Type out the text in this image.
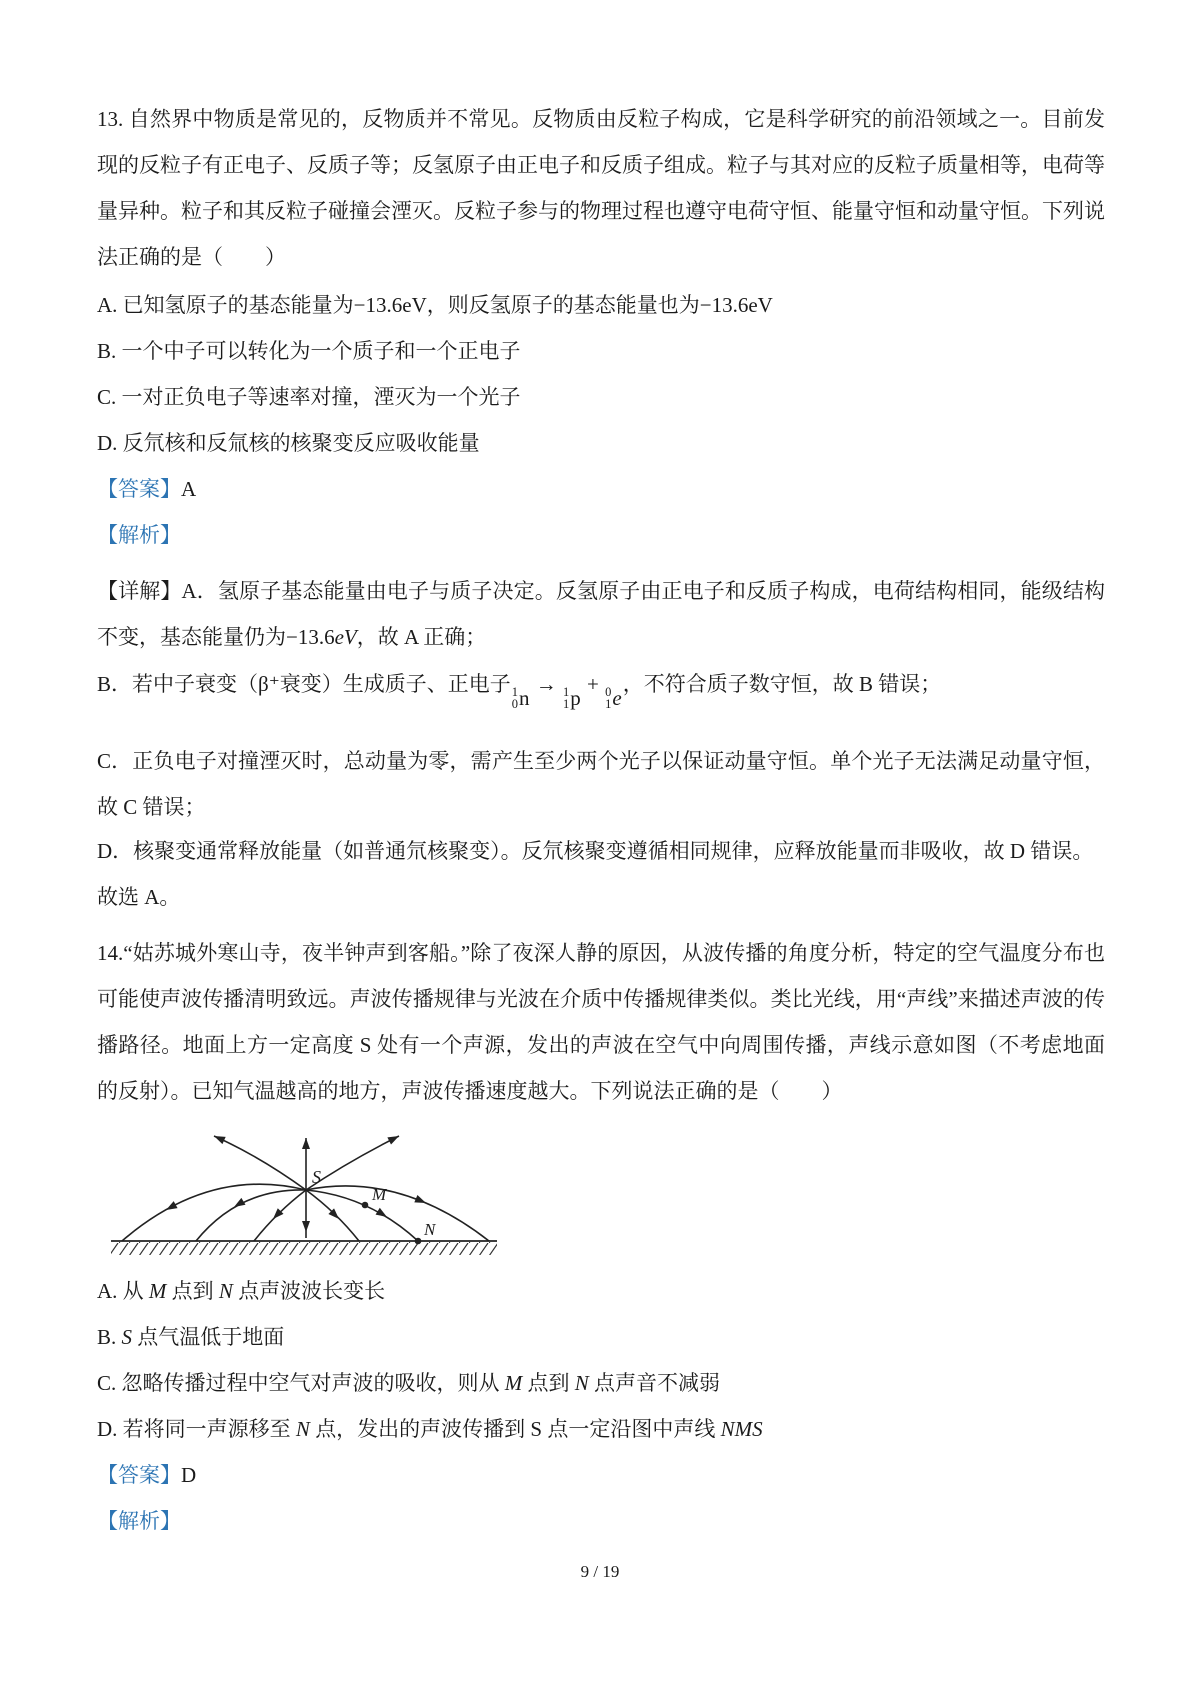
13. 自然界中物质是常见的，反物质并不常见。反物质由反粒子构成，它是科学研究的前沿领域之一。目前发现的反粒子有正电子、反质子等；反氢原子由正电子和反质子组成。粒子与其对应的反粒子质量相等，电荷等量异种。粒子和其反粒子碰撞会湮灭。反粒子参与的物理过程也遵守电荷守恒、能量守恒和动量守恒。下列说法正确的是（　　）

A. 已知氢原子的基态能量为−13.6eV，则反氢原子的基态能量也为−13.6eV

B. 一个中子可以转化为一个质子和一个正电子

C. 一对正负电子等速率对撞，湮灭为一个光子

D. 反氘核和反氚核的核聚变反应吸收能量

【答案】A

【解析】

【详解】A．氢原子基态能量由电子与质子决定。反氢原子由正电子和反质子构成，电荷结构相同，能级结构不变，基态能量仍为−13.6eV，故 A 正确；

B．若中子衰变（β⁺衰变）生成质子、正电子 1
0 n
→ 1
1 p
+ 0
1 e
，不符合质子数守恒，故 B 错误；

C．正负电子对撞湮灭时，总动量为零，需产生至少两个光子以保证动量守恒。单个光子无法满足动量守恒，故 C 错误；

D．核聚变通常释放能量（如普通氘核聚变）。反氘核聚变遵循相同规律，应释放能量而非吸收，故 D 错误。

故选 A。

14.“姑苏城外寒山寺，夜半钟声到客船。”除了夜深人静的原因，从波传播的角度分析，特定的空气温度分布也可能使声波传播清明致远。声波传播规律与光波在介质中传播规律类似。类比光线，用“声线”来描述声波的传播路径。地面上方一定高度 S 处有一个声源，发出的声波在空气中向周围传播，声线示意如图（不考虑地面的反射）。已知气温越高的地方，声波传播速度越大。下列说法正确的是（　　）

S
M
N

A. 从 M 点到 N 点声波波长变长

B. S 点气温低于地面

C. 忽略传播过程中空气对声波的吸收，则从 M 点到 N 点声音不减弱

D. 若将同一声源移至 N 点，发出的声波传播到 S 点一定沿图中声线 NMS

【答案】D

【解析】

9 / 19
